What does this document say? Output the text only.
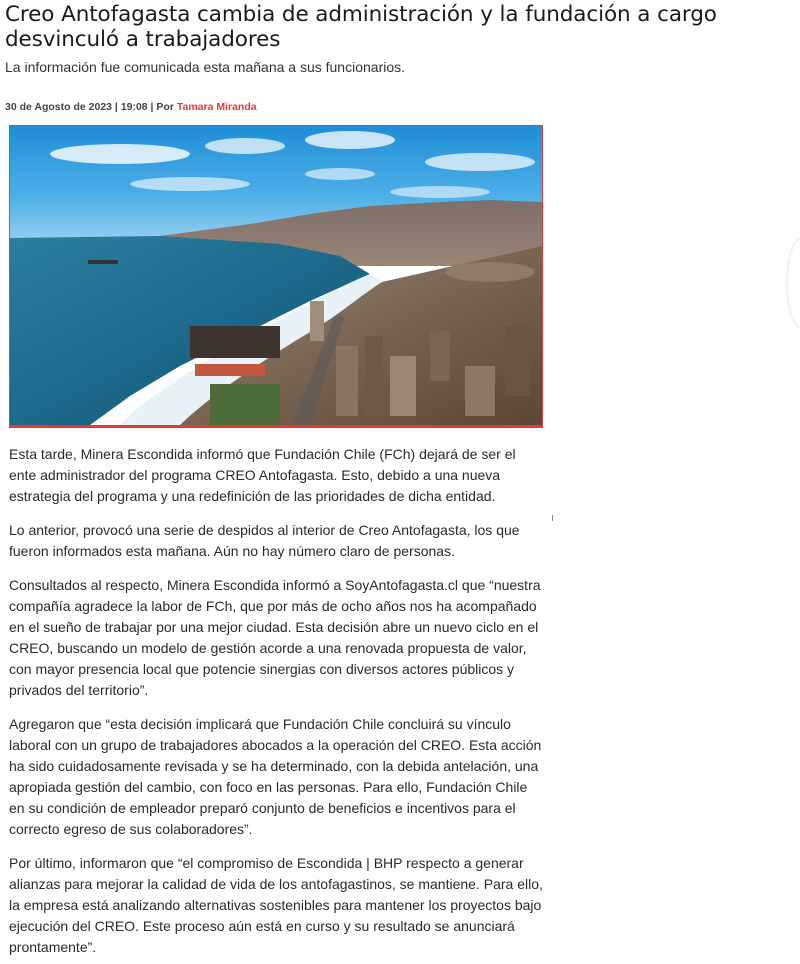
Creo Antofagasta cambia de administración y la fundación a cargo desvinculó a trabajadores

La información fue comunicada esta mañana a sus funcionarios.

30 de Agosto de 2023 | 19:08 | Por Tamara Miranda

Esta tarde, Minera Escondida informó que Fundación Chile (FCh) dejará de ser el ente administrador del programa CREO Antofagasta. Esto, debido a una nueva estrategia del programa y una redefinición de las prioridades de dicha entidad.

Lo anterior, provocó una serie de despidos al interior de Creo Antofagasta, los que fueron informados esta mañana. Aún no hay número claro de personas.

Consultados al respecto, Minera Escondida informó a SoyAntofagasta.cl que “nuestra compañía agradece la labor de FCh, que por más de ocho años nos ha acompañado en el sueño de trabajar por una mejor ciudad. Esta decisión abre un nuevo ciclo en el CREO, buscando un modelo de gestión acorde a una renovada propuesta de valor, con mayor presencia local que potencie sinergias con diversos actores públicos y privados del territorio”.

Agregaron que “esta decisión implicará que Fundación Chile concluirá su vínculo laboral con un grupo de trabajadores abocados a la operación del CREO. Esta acción ha sido cuidadosamente revisada y se ha determinado, con la debida antelación, una apropiada gestión del cambio, con foco en las personas. Para ello, Fundación Chile en su condición de empleador preparó conjunto de beneficios e incentivos para el correcto egreso de sus colaboradores”.

Por último, informaron que “el compromiso de Escondida | BHP respecto a generar alianzas para mejorar la calidad de vida de los antofagastinos, se mantiene. Para ello, la empresa está analizando alternativas sostenibles para mantener los proyectos bajo ejecución del CREO. Este proceso aún está en curso y su resultado se anunciará prontamente”.
